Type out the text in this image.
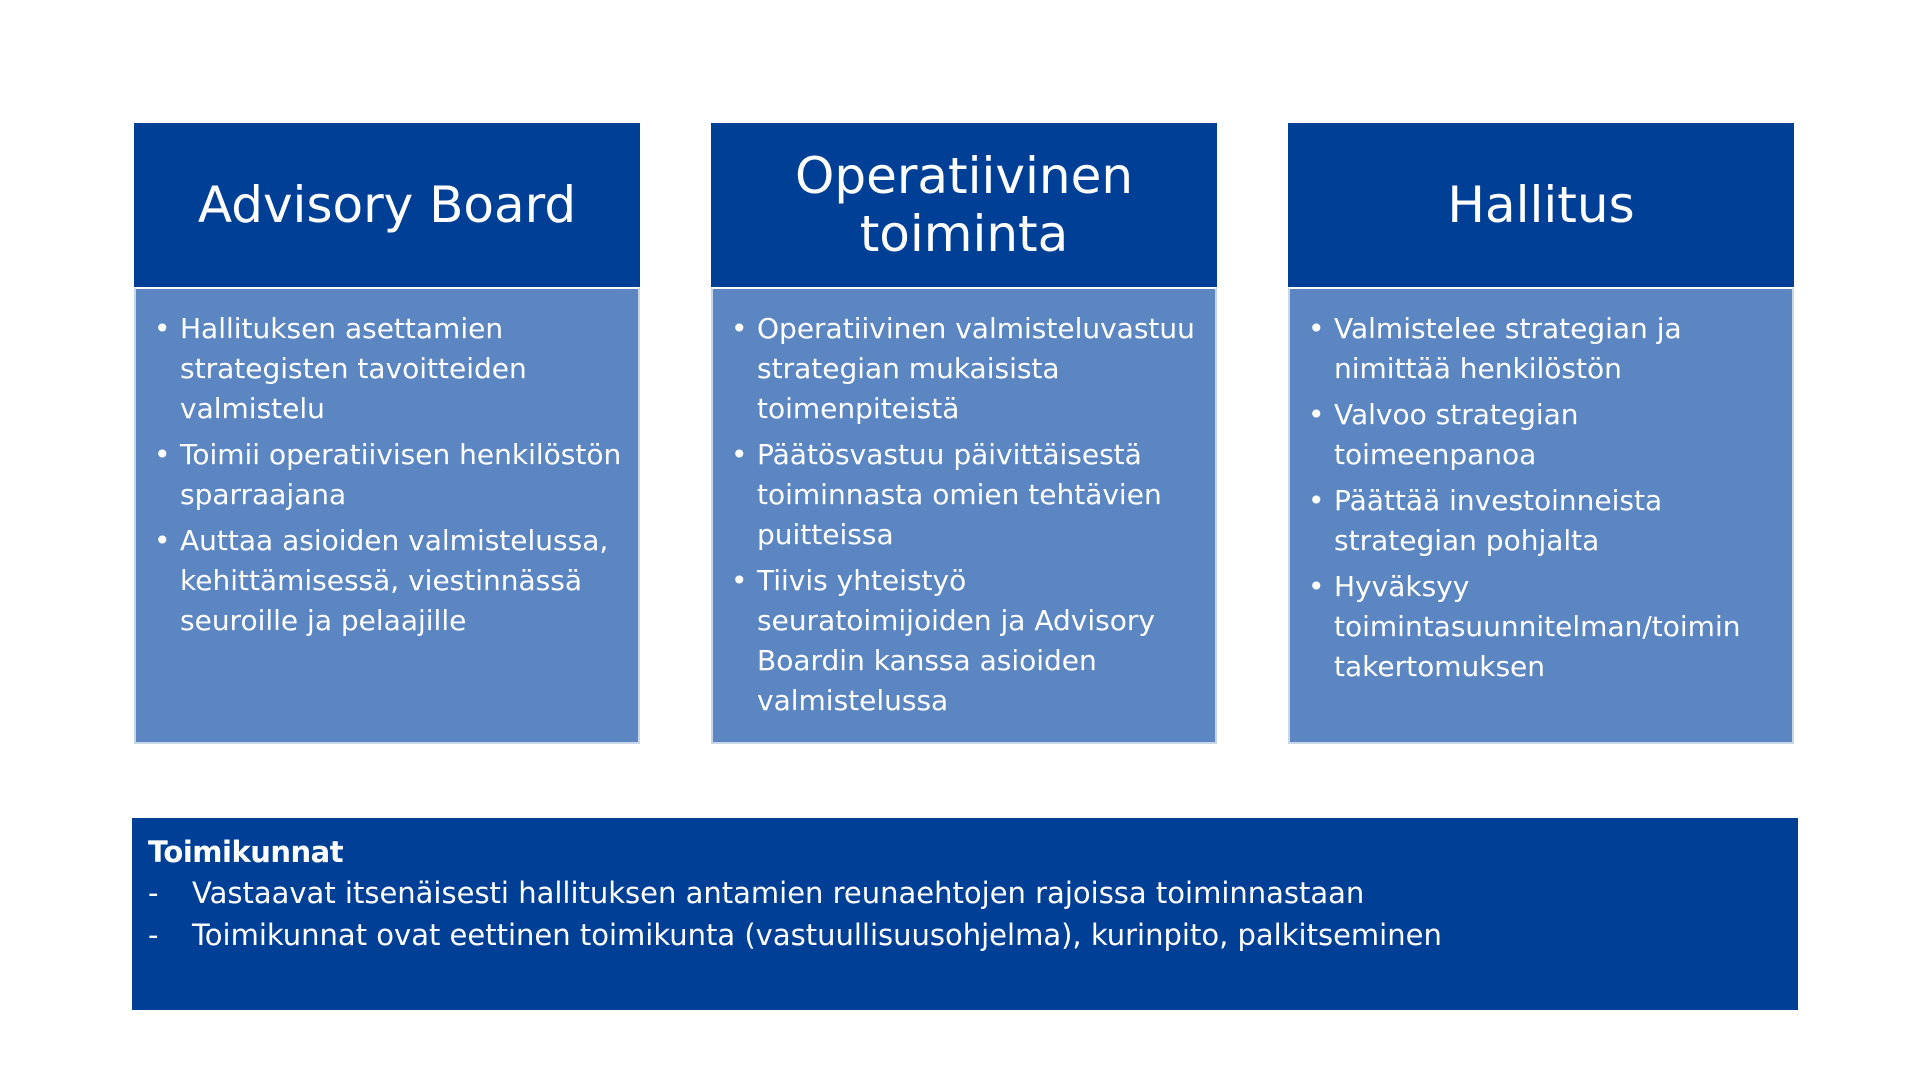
Advisory Board
• Hallituksen asettamien strategisten tavoitteiden valmistelu
• Toimii operatiivisen henkilöstön sparraajana
• Auttaa asioiden valmistelussa, kehittämisessä, viestinnässä seuroille ja pelaajille
Operatiivinen
toiminta
• Operatiivinen valmisteluvastuu strategian mukaisista toimenpiteistä
• Päätösvastuu päivittäisestä toiminnasta omien tehtävien puitteissa
• Tiivis yhteistyö seuratoimijoiden ja Advisory Boardin kanssa asioiden valmistelussa
Hallitus
• Valmistelee strategian ja nimittää henkilöstön
• Valvoo strategian toimeenpanoa
• Päättää investoinneista strategian pohjalta
• Hyväksyy toimintasuunnitelman/toimin takertomuksen
Toimikunnat
- Vastaavat itsenäisesti hallituksen antamien reunaehtojen rajoissa toiminnastaan
- Toimikunnat ovat eettinen toimikunta (vastuullisuusohjelma), kurinpito, palkitseminen
